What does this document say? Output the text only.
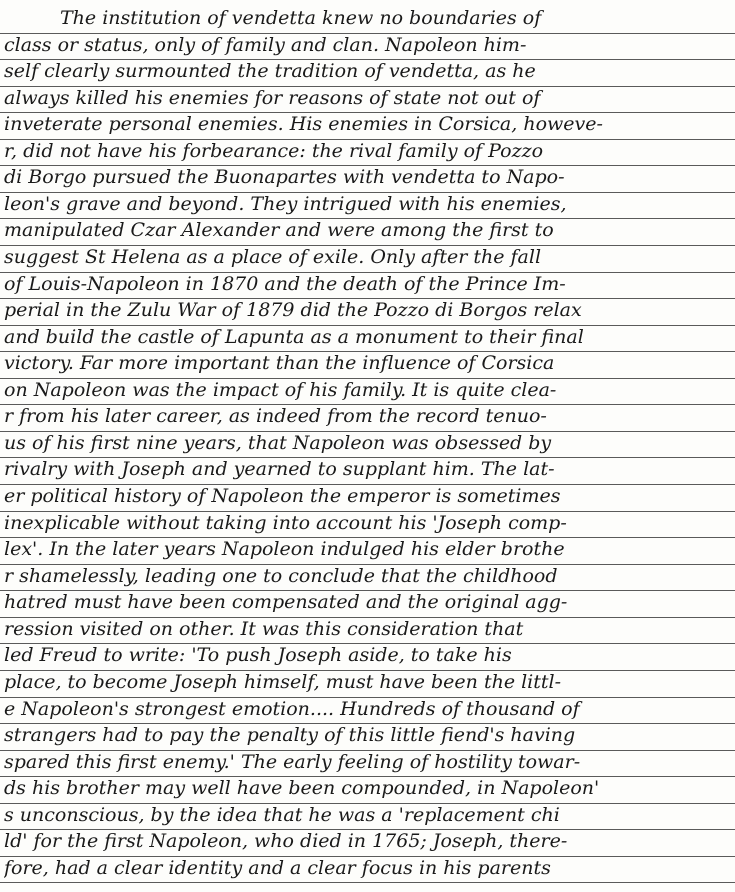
The institution of vendetta knew no boundaries of
class or status, only of family and clan. Napoleon him-
self clearly surmounted the tradition of vendetta, as he
always killed his enemies for reasons of state not out of
inveterate personal enemies. His enemies in Corsica, howeve-
r, did not have his forbearance: the rival family of Pozzo
di Borgo pursued the Buonapartes with vendetta to Napo-
leon's grave and beyond. They intrigued with his enemies,
manipulated Czar Alexander and were among the first to
suggest St Helena as a place of exile. Only after the fall
of Louis-Napoleon in 1870 and the death of the Prince Im-
perial in the Zulu War of 1879 did the Pozzo di Borgos relax
and build the castle of Lapunta as a monument to their final
victory. Far more important than the influence of Corsica
on Napoleon was the impact of his family. It is quite clea-
r from his later career, as indeed from the record tenuo-
us of his first nine years, that Napoleon was obsessed by
rivalry with Joseph and yearned to supplant him. The lat-
er political history of Napoleon the emperor is sometimes
inexplicable without taking into account his 'Joseph comp-
lex'. In the later years Napoleon indulged his elder brothe
r shamelessly, leading one to conclude that the childhood
hatred must have been compensated and the original agg-
ression visited on other. It was this consideration that
led Freud to write: 'To push Joseph aside, to take his
place, to become Joseph himself, must have been the littl-
e Napoleon's strongest emotion.... Hundreds of thousand of
strangers had to pay the penalty of this little fiend's having
spared this first enemy.' The early feeling of hostility towar-
ds his brother may well have been compounded, in Napoleon'
s unconscious, by the idea that he was a 'replacement chi
ld' for the first Napoleon, who died in 1765; Joseph, there-
fore, had a clear identity and a clear focus in his parents
